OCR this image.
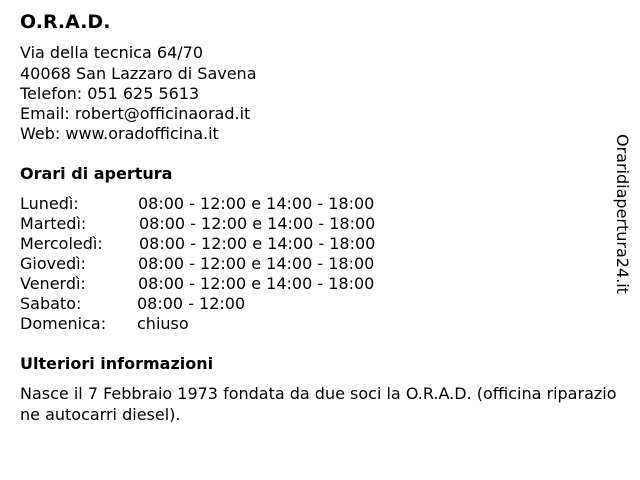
O.R.A.D.
Via della tecnica 64/70
40068 San Lazzaro di Savena
Telefon: 051 625 5613
Email: robert@officinaorad.it
Web: www.oradofficina.it
Orari di apertura
Lunedì:	08:00 - 12:00 e 14:00 - 18:00
Martedì:	08:00 - 12:00 e 14:00 - 18:00
Mercoledì: 08:00 - 12:00 e 14:00 - 18:00
Giovedì:	08:00 - 12:00 e 14:00 - 18:00
Venerdì:	08:00 - 12:00 e 14:00 - 18:00
Sabato:	08:00 - 12:00
Domenica: chiuso
Ulteriori informazioni
Nasce il 7 Febbraio 1973 fondata da due soci la O.R.A.D. (officina riparazione autocarri diesel).
Oraridiapertura24.it
